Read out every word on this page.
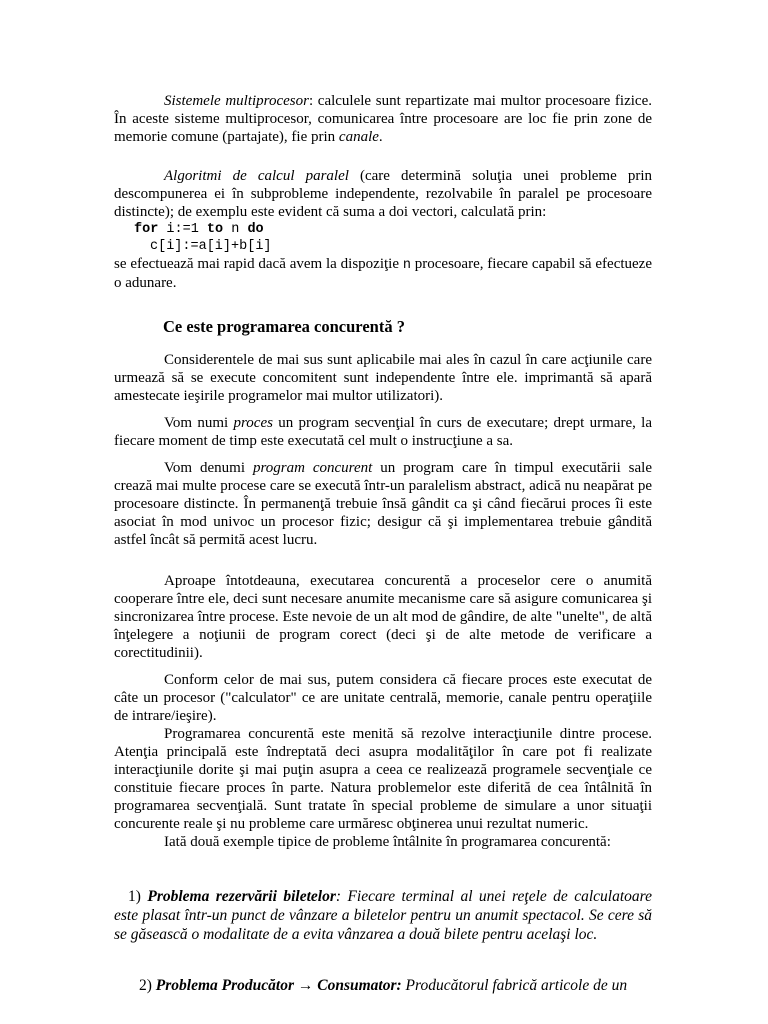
Sistemele multiprocesor: calculele sunt repartizate mai multor procesoare fizice. În aceste sisteme multiprocesor, comunicarea între procesoare are loc fie prin zone de memorie comune (partajate), fie prin canale.

Algoritmi de calcul paralel (care determină soluţia unei probleme prin descompunerea ei în subprobleme independente, rezolvabile în paralel pe procesoare distincte); de exemplu este evident că suma a doi vectori, calculată prin:

for i:=1 to n do
c[i]:=a[i]+b[i]

se efectuează mai rapid dacă avem la dispoziţie n procesoare, fiecare capabil să efectueze o adunare.

Ce este programarea concurentă ?

Considerentele de mai sus sunt aplicabile mai ales în cazul în care acţiunile care urmează să se execute concomitent sunt independente între ele. imprimantă să apară amestecate ieşirile programelor mai multor utilizatori).

Vom numi proces un program secvenţial în curs de executare; drept urmare, la fiecare moment de timp este executată cel mult o instrucţiune a sa.

Vom denumi program concurent un program care în timpul executării sale crează mai multe procese care se execută într-un paralelism abstract, adică nu neapărat pe procesoare distincte. În permanenţă trebuie însă gândit ca şi când fiecărui proces îi este asociat în mod univoc un procesor fizic; desigur că şi implementarea trebuie gândită astfel încât să permită acest lucru.

Aproape întotdeauna, executarea concurentă a proceselor cere o anumită cooperare între ele, deci sunt necesare anumite mecanisme care să asigure comunicarea şi sincronizarea între procese. Este nevoie de un alt mod de gândire, de alte "unelte", de altă înţelegere a noţiunii de program corect (deci şi de alte metode de verificare a corectitudinii).

Conform celor de mai sus, putem considera că fiecare proces este executat de câte un procesor ("calculator" ce are unitate centrală, memorie, canale pentru operaţiile de intrare/ieşire).

Programarea concurentă este menită să rezolve interacţiunile dintre procese. Atenţia principală este îndreptată deci asupra modalităţilor în care pot fi realizate interacţiunile dorite şi mai puţin asupra a ceea ce realizează programele secvenţiale ce constituie fiecare proces în parte. Natura problemelor este diferită de cea întâlnită în programarea secvenţială. Sunt tratate în special probleme de simulare a unor situaţii concurente reale şi nu probleme care urmăresc obţinerea unui rezultat numeric.

Iată două exemple tipice de probleme întâlnite în programarea concurentă:

1) Problema rezervării biletelor: Fiecare terminal al unei reţele de calculatoare este plasat într-un punct de vânzare a biletelor pentru un anumit spectacol. Se cere să se găsească o modalitate de a evita vânzarea a două bilete pentru acelaşi loc.

2) Problema Producător → Consumator: Producătorul fabrică articole de un
